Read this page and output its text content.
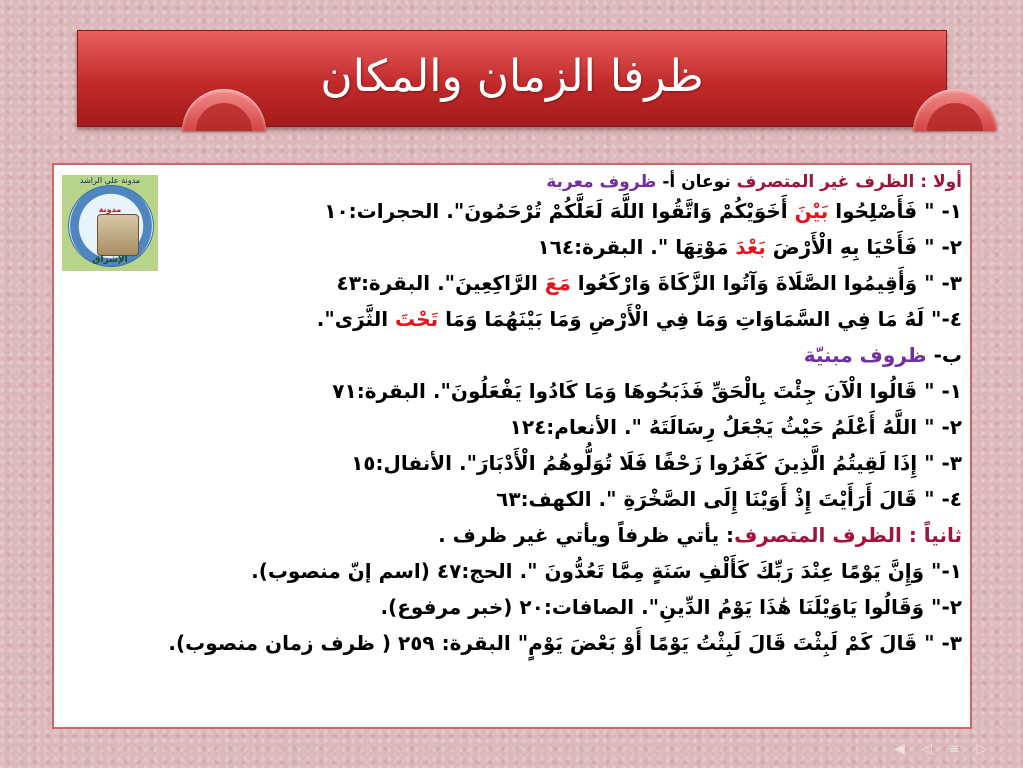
ظرفا الزمان والمكان
مدونة علي الراشد
مدونة
الإشراق
أولا : الظرف غير المتصرف نوعان أ- ظروف معربة
١- " فَأَصْلِحُوا بَيْنَ أَخَوَيْكُمْ وَاتَّقُوا اللَّهَ لَعَلَّكُمْ تُرْحَمُونَ". الحجرات:١٠
٢- " فَأَحْيَا بِهِ الْأَرْضَ بَعْدَ مَوْتِهَا ". البقرة:١٦٤
٣- " وَأَقِيمُوا الصَّلَاةَ وَآتُوا الزَّكَاةَ وَارْكَعُوا مَعَ الرَّاكِعِينَ". البقرة:٤٣
٤-" لَهُ مَا فِي السَّمَاوَاتِ وَمَا فِي الْأَرْضِ وَمَا بَيْنَهُمَا وَمَا تَحْتَ الثَّرَى".
ب- ظروف مبنيّة
١- " قَالُوا الْآنَ جِئْتَ بِالْحَقِّ فَذَبَحُوهَا وَمَا كَادُوا يَفْعَلُونَ". البقرة:٧١
٢- " اللَّهُ أَعْلَمُ حَيْثُ يَجْعَلُ رِسَالَتَهُ ". الأنعام:١٢٤
٣- " إِذَا لَقِيتُمُ الَّذِينَ كَفَرُوا زَحْفًا فَلَا تُوَلُّوهُمُ الْأَدْبَارَ". الأنفال:١٥
٤- " قَالَ أَرَأَيْتَ إِذْ أَوَيْنَا إِلَى الصَّخْرَةِ ". الكهف:٦٣
ثانياً : الظرف المتصرف: يأتي ظرفاً ويأتي غير ظرف .
١-" وَإِنَّ يَوْمًا عِنْدَ رَبِّكَ كَأَلْفِ سَنَةٍ مِمَّا تَعُدُّونَ ". الحج:٤٧ (اسم إنّ منصوب).
٢-" وَقَالُوا يَاوَيْلَنَا هَٰذَا يَوْمُ الدِّينِ". الصافات:٢٠ (خبر مرفوع).
٣- " قَالَ كَمْ لَبِثْتَ قَالَ لَبِثْتُ يَوْمًا أَوْ بَعْضَ يَوْمٍ" البقرة: ٢٥٩ ( ظرف زمان منصوب).
◀ ◁ ≡ ▷
